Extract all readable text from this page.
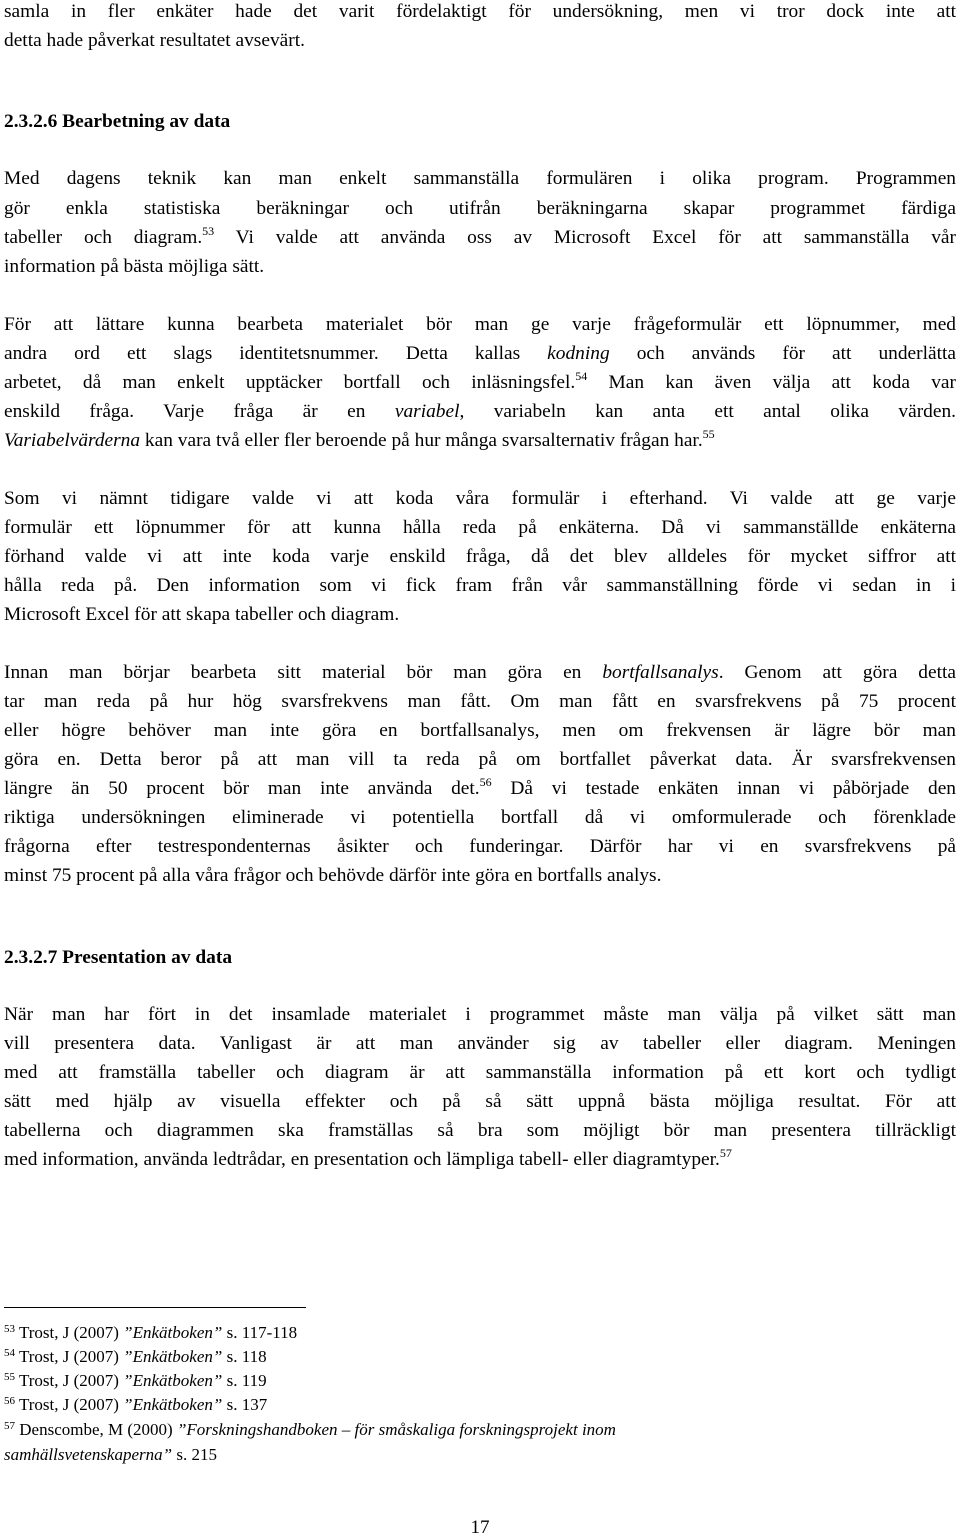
samla in fler enkäter hade det varit fördelaktigt för undersökning, men vi tror dock inte att
detta hade påverkat resultatet avsevärt.
2.3.2.6 Bearbetning av data
Med dagens teknik kan man enkelt sammanställa formulären i olika program. Programmen
gör enkla statistiska beräkningar och utifrån beräkningarna skapar programmet färdiga
tabeller och diagram.$^{53}$ Vi valde att använda oss av Microsoft Excel för att sammanställa vår
information på bästa möjliga sätt.
För att lättare kunna bearbeta materialet bör man ge varje frågeformulär ett löpnummer, med
andra ord ett slags identitetsnummer. Detta kallas kodning och används för att underlätta
arbetet, då man enkelt upptäcker bortfall och inläsningsfel.$^{54}$ Man kan även välja att koda var
enskild fråga. Varje fråga är en variabel, variabeln kan anta ett antal olika värden.
Variabelvärderna kan vara två eller fler beroende på hur många svarsalternativ frågan har.$^{55}$
Som vi nämnt tidigare valde vi att koda våra formulär i efterhand. Vi valde att ge varje
formulär ett löpnummer för att kunna hålla reda på enkäterna. Då vi sammanställde enkäterna
förhand valde vi att inte koda varje enskild fråga, då det blev alldeles för mycket siffror att
hålla reda på. Den information som vi fick fram från vår sammanställning förde vi sedan in i
Microsoft Excel för att skapa tabeller och diagram.
Innan man börjar bearbeta sitt material bör man göra en bortfallsanalys. Genom att göra detta
tar man reda på hur hög svarsfrekvens man fått. Om man fått en svarsfrekvens på 75 procent
eller högre behöver man inte göra en bortfallsanalys, men om frekvensen är lägre bör man
göra en. Detta beror på att man vill ta reda på om bortfallet påverkat data. Är svarsfrekvensen
längre än 50 procent bör man inte använda det.$^{56}$ Då vi testade enkäten innan vi påbörjade den
riktiga undersökningen eliminerade vi potentiella bortfall då vi omformulerade och förenklade
frågorna efter testrespondenternas åsikter och funderingar. Därför har vi en svarsfrekvens på
minst 75 procent på alla våra frågor och behövde därför inte göra en bortfalls analys.
2.3.2.7 Presentation av data
När man har fört in det insamlade materialet i programmet måste man välja på vilket sätt man
vill presentera data. Vanligast är att man använder sig av tabeller eller diagram. Meningen
med att framställa tabeller och diagram är att sammanställa information på ett kort och tydligt
sätt med hjälp av visuella effekter och på så sätt uppnå bästa möjliga resultat. För att
tabellerna och diagrammen ska framställas så bra som möjligt bör man presentera tillräckligt
med information, använda ledtrådar, en presentation och lämpliga tabell- eller diagramtyper.$^{57}$
$^{53}$ Trost, J (2007) ”Enkätboken” s. 117-118
$^{54}$ Trost, J (2007) ”Enkätboken” s. 118
$^{55}$ Trost, J (2007) ”Enkätboken” s. 119
$^{56}$ Trost, J (2007) ”Enkätboken” s. 137
$^{57}$ Denscombe, M (2000) ”Forskningshandboken – för småskaliga forskningsprojekt inom
samhällsvetenskaperna” s. 215
17
